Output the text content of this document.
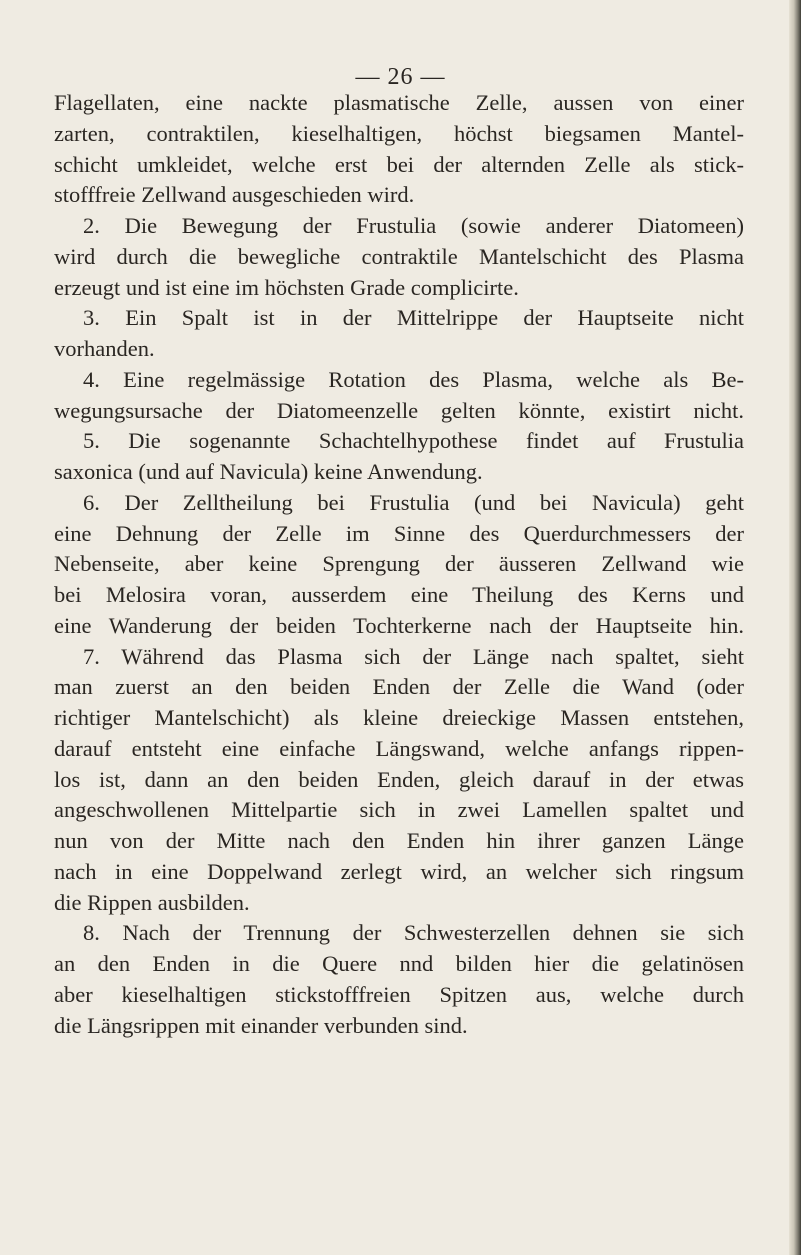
— 26 —
Flagellaten, eine nackte plasmatische Zelle, aussen von einer
zarten, contraktilen, kieselhaltigen, höchst biegsamen Mantel-
schicht umkleidet, welche erst bei der alternden Zelle als stick-
stofffreie Zellwand ausgeschieden wird.
2. Die Bewegung der Frustulia (sowie anderer Diatomeen)
wird durch die bewegliche contraktile Mantelschicht des Plasma
erzeugt und ist eine im höchsten Grade complicirte.
3. Ein Spalt ist in der Mittelrippe der Hauptseite nicht
vorhanden.
4. Eine regelmässige Rotation des Plasma, welche als Be-
wegungsursache der Diatomeenzelle gelten könnte, existirt nicht.
5. Die sogenannte Schachtelhypothese findet auf Frustulia
saxonica (und auf Navicula) keine Anwendung.
6. Der Zelltheilung bei Frustulia (und bei Navicula) geht
eine Dehnung der Zelle im Sinne des Querdurchmessers der
Nebenseite, aber keine Sprengung der äusseren Zellwand wie
bei Melosira voran, ausserdem eine Theilung des Kerns und
eine Wanderung der beiden Tochterkerne nach der Hauptseite hin.
7. Während das Plasma sich der Länge nach spaltet, sieht
man zuerst an den beiden Enden der Zelle die Wand (oder
richtiger Mantelschicht) als kleine dreieckige Massen entstehen,
darauf entsteht eine einfache Längswand, welche anfangs rippen-
los ist, dann an den beiden Enden, gleich darauf in der etwas
angeschwollenen Mittelpartie sich in zwei Lamellen spaltet und
nun von der Mitte nach den Enden hin ihrer ganzen Länge
nach in eine Doppelwand zerlegt wird, an welcher sich ringsum
die Rippen ausbilden.
8. Nach der Trennung der Schwesterzellen dehnen sie sich
an den Enden in die Quere nnd bilden hier die gelatinösen
aber kieselhaltigen stickstofffreien Spitzen aus, welche durch
die Längsrippen mit einander verbunden sind.
